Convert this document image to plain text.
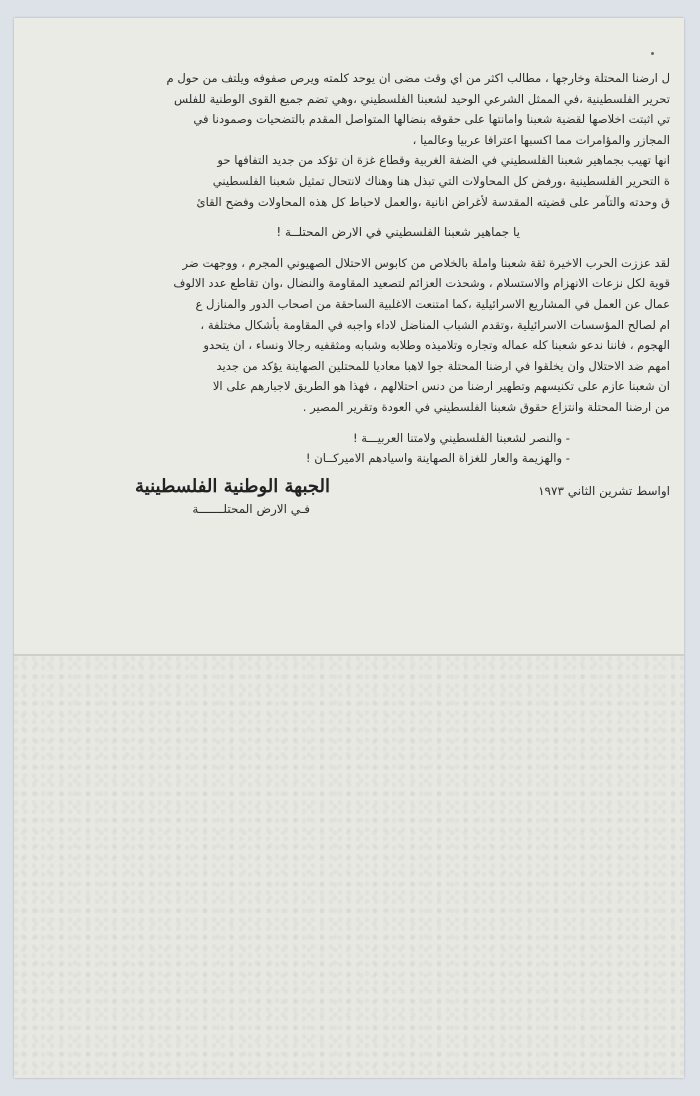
ل ارضنا المحتلة وخارجها ، مطالب اكثر من اي وقت مضى ان يوحد كلمته ويرص صفوفه ويلتف من حول م
تحرير الفلسطينية ،في الممثل الشرعي الوحيد لشعبنا الفلسطيني ،وهي تضم جميع القوى الوطنية للفلس
تي اثبتت اخلاصها لقضية شعبنا وامانتها على حقوقه بنضالها المتواصل المقدم بالتضحيات وصمودنا في
المجازر والمؤامرات مما اكسبها اعترافا عربيا وعالميا ،
انها تهيب بجماهير شعبنا الفلسطيني في الضفة الغربية وقطاع غزة ان تؤكد من جديد التفافها حو
ة التحرير الفلسطينية ،ورفض كل المحاولات التي تبذل هنا وهناك لانتحال تمثيل شعبنا الفلسطيني
ق وحدته والتآمر على قضيته المقدسة لأغراض انانية ،والعمل لاحباط كل هذه المحاولات وفضح القائ
يا جماهير شعبنا الفلسطيني في الارض المحتلــة !
لقد عززت الحرب الاخيرة ثقة شعبنا واملة بالخلاص من كابوس الاحتلال الصهيوني المجرم ، ووجهت ضر
قوية لكل نزعات الانهزام والاستسلام ، وشحذت العزائم لتصعيد المقاومة والنضال ،وان تقاطع عدد الالوف
عمال عن العمل في المشاريع الاسرائيلية ،كما امتنعت الاغلبية الساحقة من اصحاب الدور والمنازل ع
ام لصالح المؤسسات الاسرائيلية ،وتقدم الشباب المناضل لاداء واجبه في المقاومة بأشكال مختلفة ،
الهجوم ، فاننا ندعو شعبنا كله عماله وتجاره وتلاميذه وطلابه وشبابه ومثقفيه رجالا ونساء ، ان يتحدو
امهم ضد الاحتلال وان يخلقوا في ارضنا المحتلة جوا لاهبا معاديا للمحتلين الصهاينة يؤكد من جديد
ان شعبنا عازم على تكنيسهم وتطهير ارضنا من دنس احتلالهم ، فهذا هو الطريق لاجبارهم على الا
من ارضنا المحتلة وانتزاع حقوق شعبنا الفلسطيني في العودة وتقرير المصير .
- والنصر لشعبنا الفلسطيني ولامتنا العربيـــة !
- والهزيمة والعار للغزاة الصهاينة واسيادهم الاميركــان !
اواسط تشرين الثاني ١٩٧٣
الجبهة الوطنية الفلسطينية
فـي الارض المحتلـــــــة
